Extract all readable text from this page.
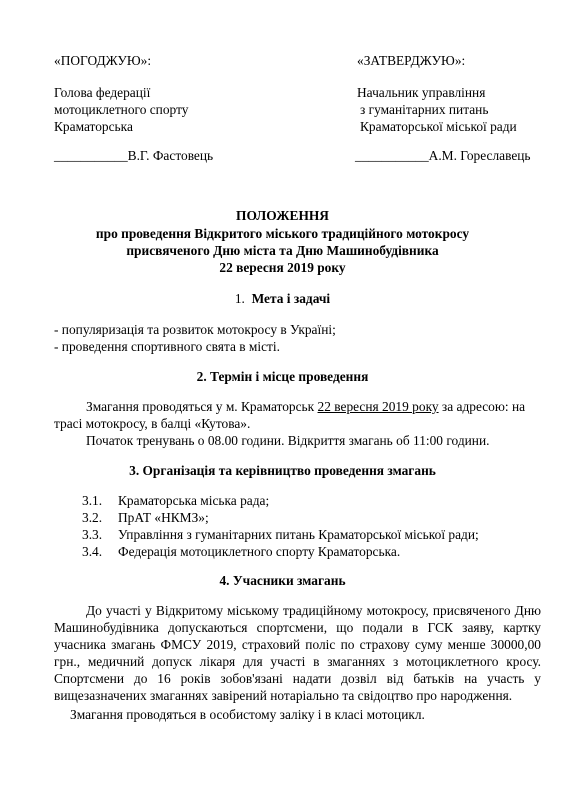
«ПОГОДЖУЮ»:	«ЗАТВЕРДЖУЮ»:
Голова федерації
мотоциклетного спорту
Краматорська
Начальник управління
з гуманітарних питань
Краматорської міської ради
___________В.Г. Фастовець	___________А.М. Гореславець
ПОЛОЖЕННЯ
про проведення Відкритого міського традиційного мотокросу
присвяченого Дню міста та Дню Машинобудівника
22 вересня 2019 року
1. Мета і задачі
- популяризація та розвиток мотокросу в Україні;
- проведення спортивного свята в місті.
2. Термін і місце проведення
Змагання проводяться у м. Краматорськ 22 вересня 2019 року за адресою: на
трасі мотокросу, в балці «Кутова».
Початок тренувань о 08.00 години. Відкриття змагань об 11:00 години.
3. Організація та керівництво проведення змагань
3.1. Краматорська міська рада;
3.2. ПрАТ «НКМЗ»;
3.3. Управління з гуманітарних питань Краматорської міської ради;
3.4. Федерація мотоциклетного спорту Краматорська.
4. Учасники змагань
До участі у Відкритому міському традиційному мотокросу, присвяченого Дню
Машинобудівника допускаються спортсмени, що подали в ГСК заяву, картку
учасника змагань ФМСУ 2019, страховий поліс по страхову суму менше 30000,00
грн., медичний допуск лікаря для участі в змаганнях з мотоциклетного кросу.
Спортсмени до 16 років зобов'язані надати дозвіл від батьків на участь у
вищезазначених змаганнях завірений нотаріально та свідоцтво про народження.
Змагання проводяться в особистому заліку і в класі мотоцикл.
